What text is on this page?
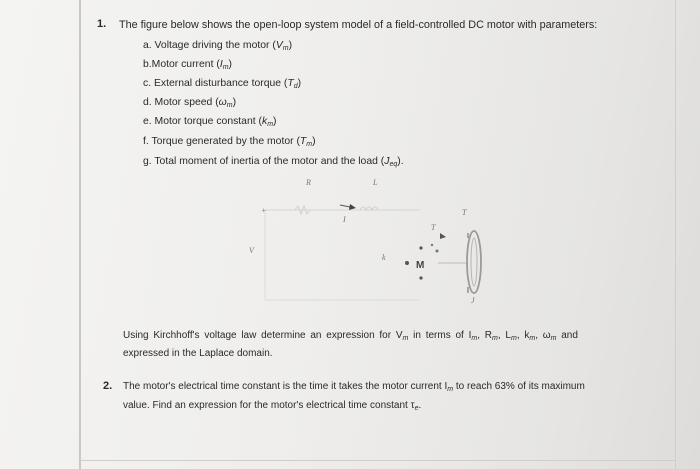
1. The figure below shows the open-loop system model of a field-controlled DC motor with parameters:
a. Voltage driving the motor $(V_m)$
b.Motor current $(I_m)$
c. External disturbance torque $(T_d)$
d. Motor speed $(\omega_m)$
e. Motor torque constant $(k_m)$
f. Torque generated by the motor $(T_m)$
g. Total moment of inertia of the motor and the load $(J_{eq})$.
+
R	L
I
T
T
k
V
J
M
Using Kirchhoff's voltage law determine an expression for $V_m$ in terms of $I_m$, $R_m$, $L_m$, $k_m$, $\omega_m$ and
expressed in the Laplace domain.
2. The motor's electrical time constant is the time it takes the motor current $I_m$ to reach 63% of its maximum
value. Find an expression for the motor's electrical time constant $\tau_e$.
